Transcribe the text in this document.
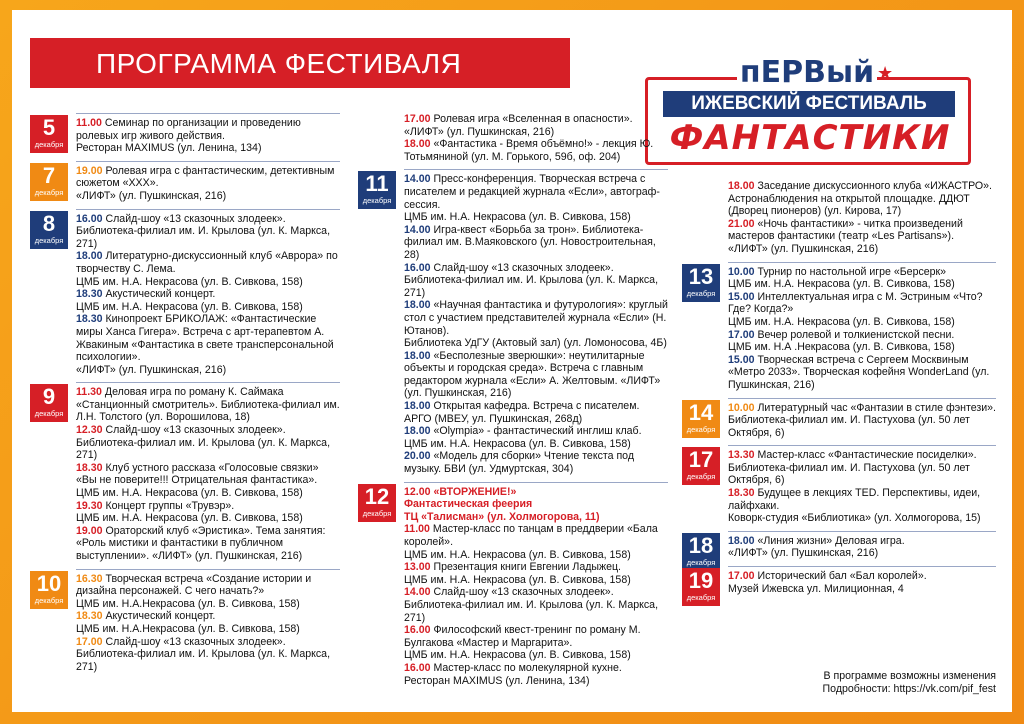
ПРОГРАММА ФЕСТИВАЛЯ	пЕРВый ★
ИЖЕВСКИЙ ФЕСТИВАЛЬ
ФАНТАСТИКИ
5
декабря

11.00 Семинар по организации и проведению ролевых игр живого действия.
Ресторан MAXIMUS (ул. Ленина, 134)

7
декабря

19.00 Ролевая игра с фантастическим, детективным сюжетом «ХХХ».
«ЛИФТ» (ул. Пушкинская, 216)

8
декабря

16.00 Слайд-шоу «13 сказочных злодеек».
Библиотека-филиал им. И. Крылова (ул. К. Маркса, 271)

18.00 Литературно-дискуссионный клуб «Аврора» по творчеству С. Лема.
ЦМБ им. Н.А. Некрасова (ул. В. Сивкова, 158)

18.30 Акустический концерт.
ЦМБ им. Н.А. Некрасова (ул. В. Сивкова, 158)

18.30 Кинопроект БРИКОЛАЖ: «Фантастические миры Ханса Гигера». Встреча с арт-терапевтом А. Жвакиным «Фантастика в свете трансперсональной психологии».
«ЛИФТ» (ул. Пушкинская, 216)

9
декабря

11.30 Деловая игра по роману К. Саймака «Станционный смотритель». Библиотека-филиал им. Л.Н. Толстого (ул. Ворошилова, 18)

12.30 Слайд-шоу «13 сказочных злодеек».
Библиотека-филиал им. И. Крылова (ул. К. Маркса, 271)

18.30 Клуб устного рассказа «Голосовые связки» «Вы не поверите!!! Отрицательная фантастика».
ЦМБ им. Н.А. Некрасова (ул. В. Сивкова, 158)

19.30 Концерт группы «Трувэр».
ЦМБ им. Н.А. Некрасова (ул. В. Сивкова, 158)

19.00 Ораторский клуб «Эристика». Тема занятия: «Роль мистики и фантастики в публичном выступлении». «ЛИФТ» (ул. Пушкинская, 216)

10
декабря

16.30 Творческая встреча «Создание истории и дизайна персонажей. С чего начать?»
ЦМБ им. Н.А.Некрасова (ул. В. Сивкова, 158)

18.30 Акустический концерт.
ЦМБ им. Н.А.Некрасова (ул. В. Сивкова, 158)

17.00 Слайд-шоу «13 сказочных злодеек».
Библиотека-филиал им. И. Крылова (ул. К. Маркса, 271)

17.00 Ролевая игра «Вселенная в опасности».
«ЛИФТ» (ул. Пушкинская, 216)

18.00 «Фантастика - Время объёмно!» - лекция Ю. Тотьмяниной (ул. М. Горького, 59б, оф. 204)

11
декабря

14.00 Пресс-конференция. Творческая встреча с писателем и редакцией журнала «Если», автограф-сессия.
ЦМБ им. Н.А. Некрасова (ул. В. Сивкова, 158)

14.00 Игра-квест «Борьба за трон». Библиотека-филиал им. В.Маяковского (ул. Новостроительная, 28)

16.00 Слайд-шоу «13 сказочных злодеек».
Библиотека-филиал им. И. Крылова (ул. К. Маркса, 271)

18.00 «Научная фантастика и футурология»: круглый стол с участием представителей журнала «Если» (Н. Ютанов).
Библиотека УдГУ (Актовый зал) (ул. Ломоносова, 4Б)

18.00 «Бесполезные зверюшки»: неутилитарные объекты и городская среда». Встреча с главным редактором журнала «Если» А. Желтовым. «ЛИФТ» (ул. Пушкинская, 216)

18.00 Открытая кафедра. Встреча с писателем. АРГО (МВЕУ, ул. Пушкинская, 268д)

18.00 «Olympia» - фантастический инглиш клаб.
ЦМБ им. Н.А. Некрасова (ул. В. Сивкова, 158)

20.00 «Модель для сборки» Чтение текста под музыку. БВИ (ул. Удмуртская, 304)

12
декабря

12.00 «ВТОРЖЕНИЕ!»
Фантастическая феерия
ТЦ «Талисман» (ул. Холмогорова, 11)

11.00 Мастер-класс по танцам в преддверии «Бала королей».
ЦМБ им. Н.А. Некрасова (ул. В. Сивкова, 158)

13.00 Презентация книги Евгении Ладыжец.
ЦМБ им. Н.А. Некрасова (ул. В. Сивкова, 158)

14.00 Слайд-шоу «13 сказочных злодеек».
Библиотека-филиал им. И. Крылова (ул. К. Маркса, 271)

16.00 Философский квест-тренинг по роману М. Булгакова «Мастер и Маргарита».
ЦМБ им. Н.А. Некрасова (ул. В. Сивкова, 158)

16.00 Мастер-класс по молекулярной кухне.
Ресторан MAXIMUS (ул. Ленина, 134)

18.00 Заседание дискуссионного клуба «ИЖАСТРО». Астронаблюдения на открытой площадке. ДДЮТ (Дворец пионеров) (ул. Кирова, 17)

21.00 «Ночь фантастики» - читка произведений мастеров фантастики (театр «Les Partisans»). «ЛИФТ» (ул. Пушкинская, 216)

13
декабря

10.00 Турнир по настольной игре «Берсерк»
ЦМБ им. Н.А. Некрасова (ул. В. Сивкова, 158)

15.00 Интеллектуальная игра с М. Эстриным «Что? Где? Когда?»
ЦМБ им. Н.А. Некрасова (ул. В. Сивкова, 158)

17.00 Вечер ролевой и толкиенистской песни.
ЦМБ им. Н.А .Некрасова (ул. В. Сивкова, 158)

15.00 Творческая встреча с Сергеем Москвиным «Метро 2033». Творческая кофейня WonderLand (ул. Пушкинская, 216)

14
декабря

10.00 Литературный час «Фантазии в стиле фэнтези». Библиотека-филиал им. И. Пастухова (ул. 50 лет Октября, 6)

17
декабря

13.30 Мастер-класс «Фантастические посиделки». Библиотека-филиал им. И. Пастухова (ул. 50 лет Октября, 6)

18.30 Будущее в лекциях TED. Перспективы, идеи, лайфхаки.
Коворк-студия «Библиотика» (ул. Холмогорова, 15)

18
декабря

18.00 «Линия жизни» Деловая игра.
«ЛИФТ» (ул. Пушкинская, 216)

19
декабря

17.00 Исторический бал «Бал королей».
Музей Ижевска ул. Милиционная, 4

В программе возможны изменения
Подробности: https://vk.com/pif_fest
